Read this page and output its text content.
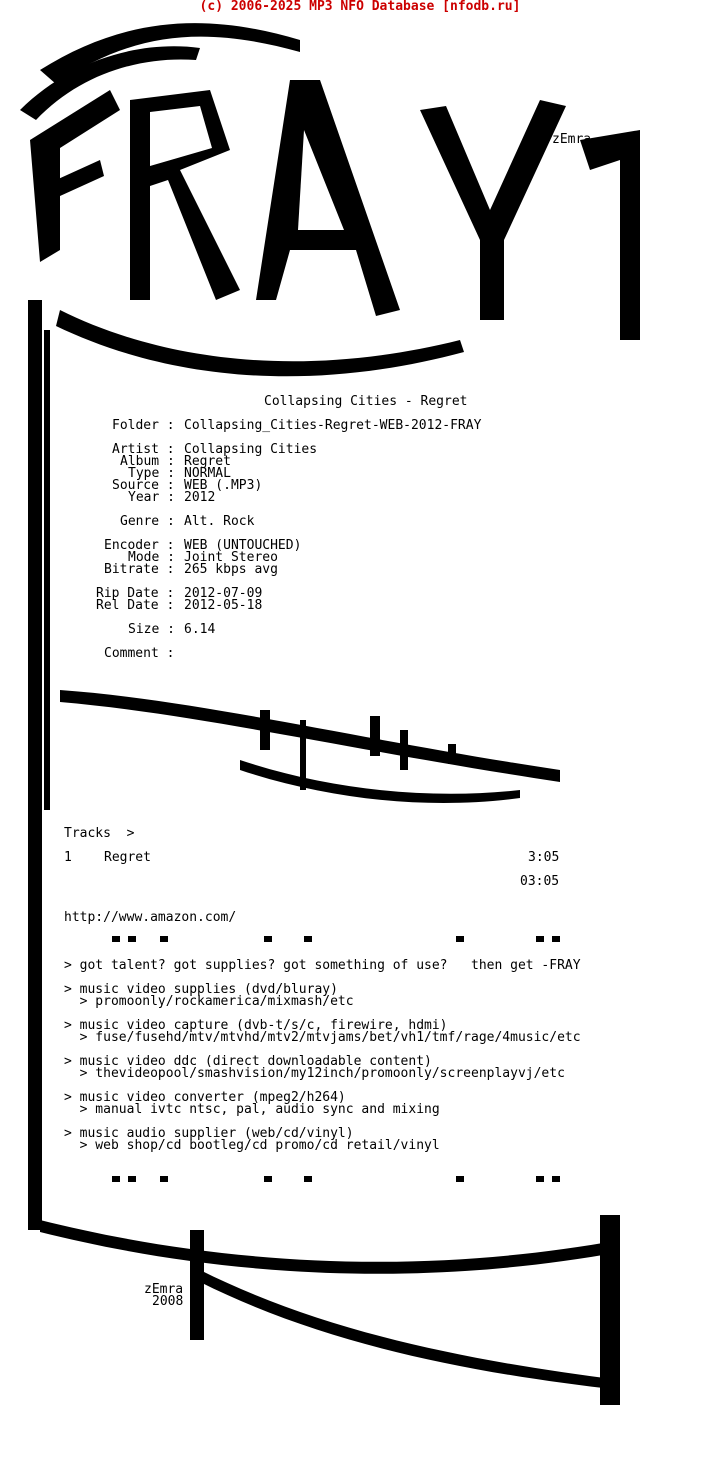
(c) 2006-2025 MP3 NFO Database [nfodb.ru]
zEmra
Collapsing Cities - Regret
Folder : Collapsing_Cities-Regret-WEB-2012-FRAY
Artist : Collapsing Cities
Album : Regret
Type : NORMAL
Source : WEB (.MP3)
Year : 2012
Genre : Alt. Rock
Encoder : WEB (UNTOUCHED)
Mode : Joint Stereo
Bitrate : 265 kbps avg
Rip Date : 2012-07-09
Rel Date : 2012-05-18
Size : 6.14
Comment :
Tracks  >
1 Regret	3:05
03:05
http://www.amazon.com/
> got talent? got supplies? got something of use?   then get -FRAY
> music video supplies (dvd/bluray)
> promoonly/rockamerica/mixmash/etc
> music video capture (dvb-t/s/c, firewire, hdmi)
> fuse/fusehd/mtv/mtvhd/mtv2/mtvjams/bet/vh1/tmf/rage/4music/etc
> music video ddc (direct downloadable content)
> thevideopool/smashvision/my12inch/promoonly/screenplayvj/etc
> music video converter (mpeg2/h264)
> manual ivtc ntsc, pal, audio sync and mixing
> music audio supplier (web/cd/vinyl)
> web shop/cd bootleg/cd promo/cd retail/vinyl
zEmra
2008
